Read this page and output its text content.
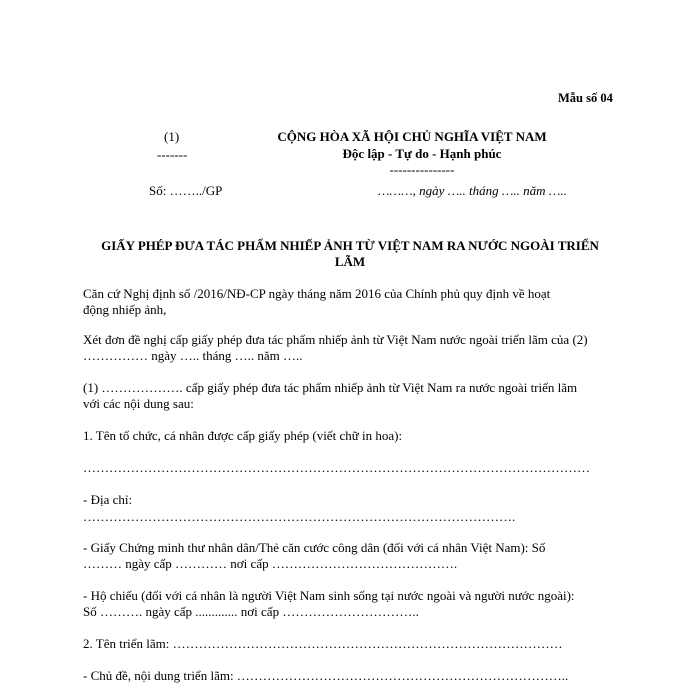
Mẫu số 04
(1)
-------
CỘNG HÒA XÃ HỘI CHỦ NGHĨA VIỆT NAM
Độc lập - Tự do - Hạnh phúc
---------------
Số: ……../GP	………, ngày ….. tháng ….. năm …..
GIẤY PHÉP ĐƯA TÁC PHẨM NHIẾP ẢNH TỪ VIỆT NAM RA NƯỚC NGOÀI TRIỂN
LÃM
Căn cứ Nghị định số /2016/NĐ-CP ngày tháng năm 2016 của Chính phủ quy định về hoạt
động nhiếp ảnh,
Xét đơn đề nghị cấp giấy phép đưa tác phẩm nhiếp ảnh từ Việt Nam nước ngoài triển lãm của (2)
…………… ngày ….. tháng ….. năm …..
(1) ………………. cấp giấy phép đưa tác phẩm nhiếp ảnh từ Việt Nam ra nước ngoài triển lãm
với các nội dung sau:
1. Tên tổ chức, cá nhân được cấp giấy phép (viết chữ in hoa):
………………………………………………………………………………………………………
- Địa chỉ:
……………………………………………………………………………………….
- Giấy Chứng minh thư nhân dân/Thẻ căn cước công dân (đối với cá nhân Việt Nam): Số
……… ngày cấp ………… nơi cấp …………………………………….
- Hộ chiếu (đối với cá nhân là người Việt Nam sinh sống tại nước ngoài và người nước ngoài):
Số ………. ngày cấp ............. nơi cấp …………………………..
2. Tên triển lãm: ………………………………………………………………………………
- Chủ đề, nội dung triển lãm: …………………………………………………………………..
